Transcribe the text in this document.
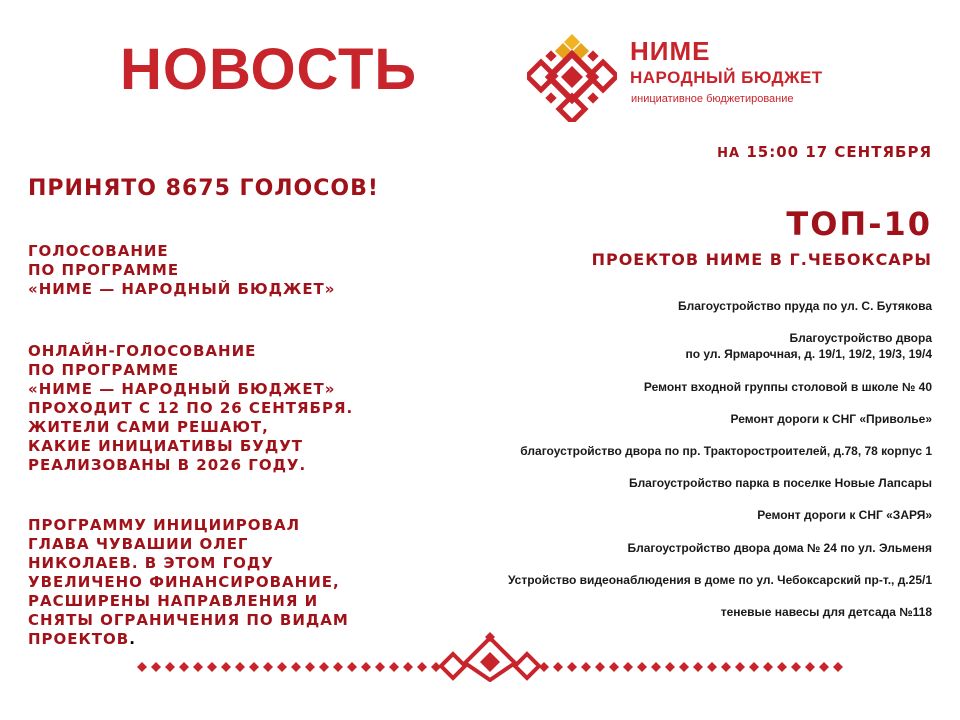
НОВОСТЬ	НИМЕ
НАРОДНЫЙ БЮДЖЕТ
инициативное бюджетирование
НА 15:00 17 СЕНТЯБРЯ
ПРИНЯТО 8675 ГОЛОСОВ!
ТОП-10
ПРОЕКТОВ НИМЕ В Г.ЧЕБОКСАРЫ
ГОЛОСОВАНИЕ
ПО ПРОГРАММЕ
«НИМЕ — НАРОДНЫЙ БЮДЖЕТ»
ОНЛАЙН-ГОЛОСОВАНИЕ
ПО ПРОГРАММЕ
«НИМЕ — НАРОДНЫЙ БЮДЖЕТ»
ПРОХОДИТ С 12 ПО 26 СЕНТЯБРЯ.
ЖИТЕЛИ САМИ РЕШАЮТ,
КАКИЕ ИНИЦИАТИВЫ БУДУТ
РЕАЛИЗОВАНЫ В 2026 ГОДУ.
ПРОГРАММУ ИНИЦИИРОВАЛ
ГЛАВА ЧУВАШИИ ОЛЕГ
НИКОЛАЕВ. В ЭТОМ ГОДУ
УВЕЛИЧЕНО ФИНАНСИРОВАНИЕ,
РАСШИРЕНЫ НАПРАВЛЕНИЯ И
СНЯТЫ ОГРАНИЧЕНИЯ ПО ВИДАМ
ПРОЕКТОВ.
Благоустройство пруда по ул. С. Бутякова
Благоустройство двора
по ул. Ярмарочная, д. 19/1, 19/2, 19/3, 19/4
Ремонт входной группы столовой в школе № 40
Ремонт дороги к СНГ «Приволье»
благоустройство двора по пр. Тракторостроителей, д.78, 78 корпус 1
Благоустройство парка в поселке Новые Лапсары
Ремонт дороги к СНГ «ЗАРЯ»
Благоустройство двора дома № 24 по ул. Эльменя
Устройство видеонаблюдения в доме по ул. Чебоксарский пр-т., д.25/1
теневые навесы для детсада №118
